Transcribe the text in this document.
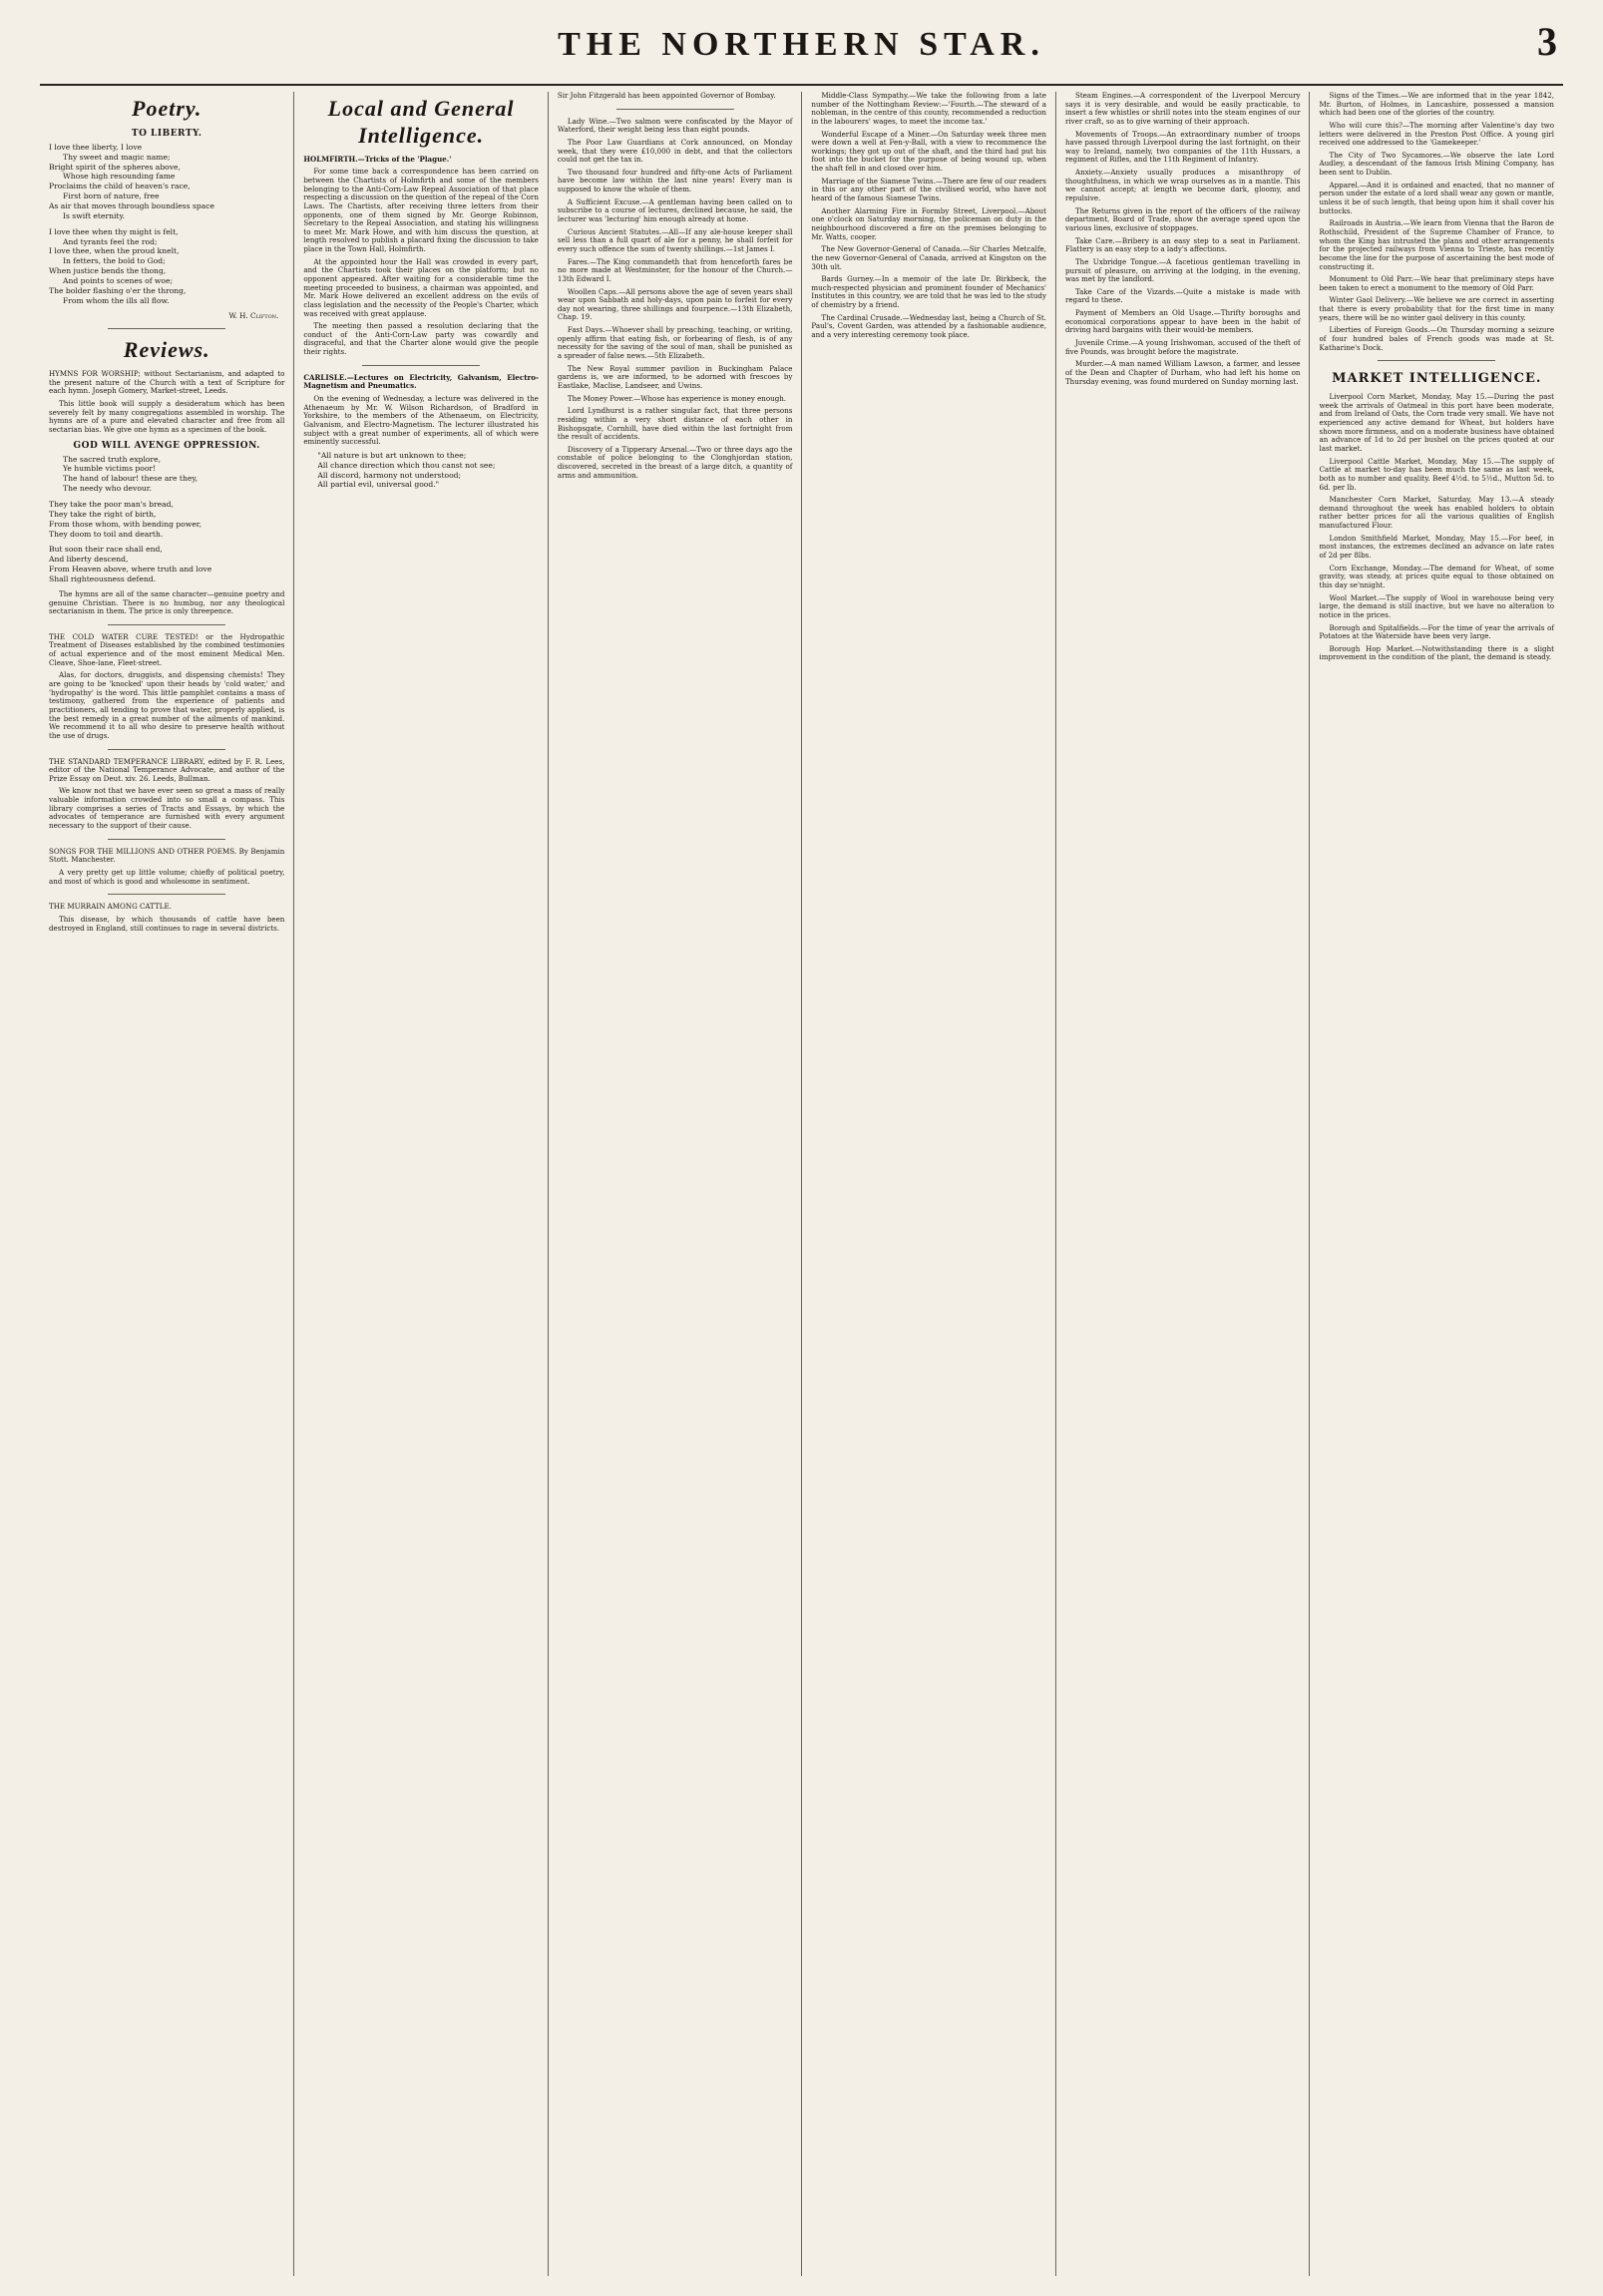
THE NORTHERN STAR.	3
Poetry.
TO LIBERTY.
I love thee liberty, I love
Thy sweet and magic name;
Bright spirit of the spheres above,
Whose high resounding fame
Proclaims the child of heaven's race,
First born of nature, free
As air that moves through boundless space
Is swift eternity.
I love thee when thy might is felt,
And tyrants feel the rod;
I love thee, when the proud knelt,
In fetters, the bold to God;
When justice bends the thong,
And points to scenes of woe;
The bolder flashing o'er the throng,
From whom the ills all flow.
W. H. Clifton.
Reviews.

HYMNS FOR WORSHIP; without Sectarianism, and adapted to the present nature of the Church with a text of Scripture for each hymn. Joseph Gomery, Market-street, Leeds.

This little book will supply a desideratum which has been severely felt by many congregations assembled in worship. The hymns are of a pure and elevated character and free from all sectarian bias. We give one hymn as a specimen of the book.

GOD WILL AVENGE OPPRESSION.
The sacred truth explore,
Ye humble victims poor!
The hand of labour! these are they,
The needy who devour.
They take the poor man's bread,
They take the right of birth,
From those whom, with bending power,
They doom to toil and dearth.
But soon their race shall end,
And liberty descend,
From Heaven above, where truth and love
Shall righteousness defend.

The hymns are all of the same character—genuine poetry and genuine Christian. There is no humbug, nor any theological sectarianism in them. The price is only threepence.

THE COLD WATER CURE TESTED! or the Hydropathic Treatment of Diseases established by the combined testimonies of actual experience and of the most eminent Medical Men. Cleave, Shoe-lane, Fleet-street.

Alas, for doctors, druggists, and dispensing chemists! They are going to be 'knocked' upon their heads by 'cold water,' and 'hydropathy' is the word. This little pamphlet contains a mass of testimony, gathered from the experience of patients and practitioners, all tending to prove that water, properly applied, is the best remedy in a great number of the ailments of mankind. We recommend it to all who desire to preserve health without the use of drugs.

THE STANDARD TEMPERANCE LIBRARY, edited by F. R. Lees, editor of the National Temperance Advocate, and author of the Prize Essay on Deut. xiv. 26. Leeds, Bullman.

We know not that we have ever seen so great a mass of really valuable information crowded into so small a compass. This library comprises a series of Tracts and Essays, by which the advocates of temperance are furnished with every argument necessary to the support of their cause.

SONGS FOR THE MILLIONS AND OTHER POEMS. By Benjamin Stott. Manchester.

A very pretty get up little volume; chiefly of political poetry, and most of which is good and wholesome in sentiment.

THE MURRAIN AMONG CATTLE.

This disease, by which thousands of cattle have been destroyed in England, still continues to rage in several districts.

Local and General Intelligence.

HOLMFIRTH.—Tricks of the 'Plague.'

For some time back a correspondence has been carried on between the Chartists of Holmfirth and some of the members belonging to the Anti-Corn-Law Repeal Association of that place respecting a discussion on the question of the repeal of the Corn Laws. The Chartists, after receiving three letters from their opponents, one of them signed by Mr. George Robinson, Secretary to the Repeal Association, and stating his willingness to meet Mr. Mark Howe, and with him discuss the question, at length resolved to publish a placard fixing the discussion to take place in the Town Hall, Holmfirth.

At the appointed hour the Hall was crowded in every part, and the Chartists took their places on the platform; but no opponent appeared. After waiting for a considerable time the meeting proceeded to business, a chairman was appointed, and Mr. Mark Howe delivered an excellent address on the evils of class legislation and the necessity of the People's Charter, which was received with great applause.

The meeting then passed a resolution declaring that the conduct of the Anti-Corn-Law party was cowardly and disgraceful, and that the Charter alone would give the people their rights.

CARLISLE.—Lectures on Electricity, Galvanism, Electro-Magnetism and Pneumatics.

On the evening of Wednesday, a lecture was delivered in the Athenaeum by Mr. W. Wilson Richardson, of Bradford in Yorkshire, to the members of the Athenaeum, on Electricity, Galvanism, and Electro-Magnetism. The lecturer illustrated his subject with a great number of experiments, all of which were eminently successful.

"All nature is but art unknown to thee;
All chance direction which thou canst not see;
All discord, harmony not understood;
All partial evil, universal good."

Sir John Fitzgerald has been appointed Governor of Bombay.

Lady Wine.—Two salmon were confiscated by the Mayor of Waterford, their weight being less than eight pounds.

The Poor Law Guardians at Cork announced, on Monday week, that they were £10,000 in debt, and that the collectors could not get the tax in.

Two thousand four hundred and fifty-one Acts of Parliament have become law within the last nine years! Every man is supposed to know the whole of them.

A Sufficient Excuse.—A gentleman having been called on to subscribe to a course of lectures, declined because, he said, the lecturer was 'lecturing' him enough already at home.

Curious Ancient Statutes.—All—If any ale-house keeper shall sell less than a full quart of ale for a penny, he shall forfeit for every such offence the sum of twenty shillings.—1st James I.

Fares.—The King commandeth that from henceforth fares be no more made at Westminster, for the honour of the Church.—13th Edward I.

Woollen Caps.—All persons above the age of seven years shall wear upon Sabbath and holy-days, upon pain to forfeit for every day not wearing, three shillings and fourpence.—13th Elizabeth, Chap. 19.

Fast Days.—Whoever shall by preaching, teaching, or writing, openly affirm that eating fish, or forbearing of flesh, is of any necessity for the saving of the soul of man, shall be punished as a spreader of false news.—5th Elizabeth.

The New Royal summer pavilion in Buckingham Palace gardens is, we are informed, to be adorned with frescoes by Eastlake, Maclise, Landseer, and Uwins.

The Money Power.—Whose has experience is money enough.

Lord Lyndhurst is a rather singular fact, that three persons residing within a very short distance of each other in Bishopsgate, Cornhill, have died within the last fortnight from the result of accidents.

Discovery of a Tipperary Arsenal.—Two or three days ago the constable of police belonging to the Clonghjordan station, discovered, secreted in the breast of a large ditch, a quantity of arms and ammunition.

Middle-Class Sympathy.—We take the following from a late number of the Nottingham Review:—'Fourth.—The steward of a nobleman, in the centre of this county, recommended a reduction in the labourers' wages, to meet the income tax.'

Wonderful Escape of a Miner.—On Saturday week three men were down a well at Fen-y-Ball, with a view to recommence the workings; they got up out of the shaft, and the third had put his foot into the bucket for the purpose of being wound up, when the shaft fell in and closed over him.

Marriage of the Siamese Twins.—There are few of our readers in this or any other part of the civilised world, who have not heard of the famous Siamese Twins.

Another Alarming Fire in Formby Street, Liverpool.—About one o'clock on Saturday morning, the policeman on duty in the neighbourhood discovered a fire on the premises belonging to Mr. Watts, cooper.

The New Governor-General of Canada.—Sir Charles Metcalfe, the new Governor-General of Canada, arrived at Kingston on the 30th ult.

Bards Gurney.—In a memoir of the late Dr. Birkbeck, the much-respected physician and prominent founder of Mechanics' Institutes in this country, we are told that he was led to the study of chemistry by a friend.

The Cardinal Crusade.—Wednesday last, being a Church of St. Paul's, Covent Garden, was attended by a fashionable audience, and a very interesting ceremony took place.

Steam Engines.—A correspondent of the Liverpool Mercury says it is very desirable, and would be easily practicable, to insert a few whistles or shrill notes into the steam engines of our river craft, so as to give warning of their approach.

Movements of Troops.—An extraordinary number of troops have passed through Liverpool during the last fortnight, on their way to Ireland, namely, two companies of the 11th Hussars, a regiment of Rifles, and the 11th Regiment of Infantry.

Anxiety.—Anxiety usually produces a misanthropy of thoughtfulness, in which we wrap ourselves as in a mantle. This we cannot accept; at length we become dark, gloomy, and repulsive.

The Returns given in the report of the officers of the railway department, Board of Trade, show the average speed upon the various lines, exclusive of stoppages.

Take Care.—Bribery is an easy step to a seat in Parliament. Flattery is an easy step to a lady's affections.

The Uxbridge Tongue.—A facetious gentleman travelling in pursuit of pleasure, on arriving at the lodging, in the evening, was met by the landlord.

Take Care of the Vizards.—Quite a mistake is made with regard to these.

Payment of Members an Old Usage.—Thrifty boroughs and economical corporations appear to have been in the habit of driving hard bargains with their would-be members.

Juvenile Crime.—A young Irishwoman, accused of the theft of five Pounds, was brought before the magistrate.

Murder.—A man named William Lawson, a farmer, and lessee of the Dean and Chapter of Durham, who had left his home on Thursday evening, was found murdered on Sunday morning last.

Signs of the Times.—We are informed that in the year 1842, Mr. Burton, of Holmes, in Lancashire, possessed a mansion which had been one of the glories of the country.

Who will cure this?—The morning after Valentine's day two letters were delivered in the Preston Post Office. A young girl received one addressed to the 'Gamekeeper.'

The City of Two Sycamores.—We observe the late Lord Audley, a descendant of the famous Irish Mining Company, has been sent to Dublin.

Apparel.—And it is ordained and enacted, that no manner of person under the estate of a lord shall wear any gown or mantle, unless it be of such length, that being upon him it shall cover his buttocks.

Railroads in Austria.—We learn from Vienna that the Baron de Rothschild, President of the Supreme Chamber of France, to whom the King has intrusted the plans and other arrangements for the projected railways from Vienna to Trieste, has recently become the line for the purpose of ascertaining the best mode of constructing it.

Monument to Old Parr.—We hear that preliminary steps have been taken to erect a monument to the memory of Old Parr.

Winter Gaol Delivery.—We believe we are correct in asserting that there is every probability that for the first time in many years, there will be no winter gaol delivery in this county.

Liberties of Foreign Goods.—On Thursday morning a seizure of four hundred bales of French goods was made at St. Katharine's Dock.

MARKET INTELLIGENCE.

Liverpool Corn Market, Monday, May 15.—During the past week the arrivals of Oatmeal in this port have been moderate, and from Ireland of Oats, the Corn trade very small. We have not experienced any active demand for Wheat, but holders have shown more firmness, and on a moderate business have obtained an advance of 1d to 2d per bushel on the prices quoted at our last market.

Liverpool Cattle Market, Monday, May 15.—The supply of Cattle at market to-day has been much the same as last week, both as to number and quality. Beef 4½d. to 5½d., Mutton 5d. to 6d. per lb.

Manchester Corn Market, Saturday, May 13.—A steady demand throughout the week has enabled holders to obtain rather better prices for all the various qualities of English manufactured Flour.

London Smithfield Market, Monday, May 15.—For beef, in most instances, the extremes declined an advance on late rates of 2d per 8lbs.

Corn Exchange, Monday.—The demand for Wheat, of some gravity, was steady, at prices quite equal to those obtained on this day se'nnight.

Wool Market.—The supply of Wool in warehouse being very large, the demand is still inactive, but we have no alteration to notice in the prices.

Borough and Spitalfields.—For the time of year the arrivals of Potatoes at the Waterside have been very large.

Borough Hop Market.—Notwithstanding there is a slight improvement in the condition of the plant, the demand is steady.
